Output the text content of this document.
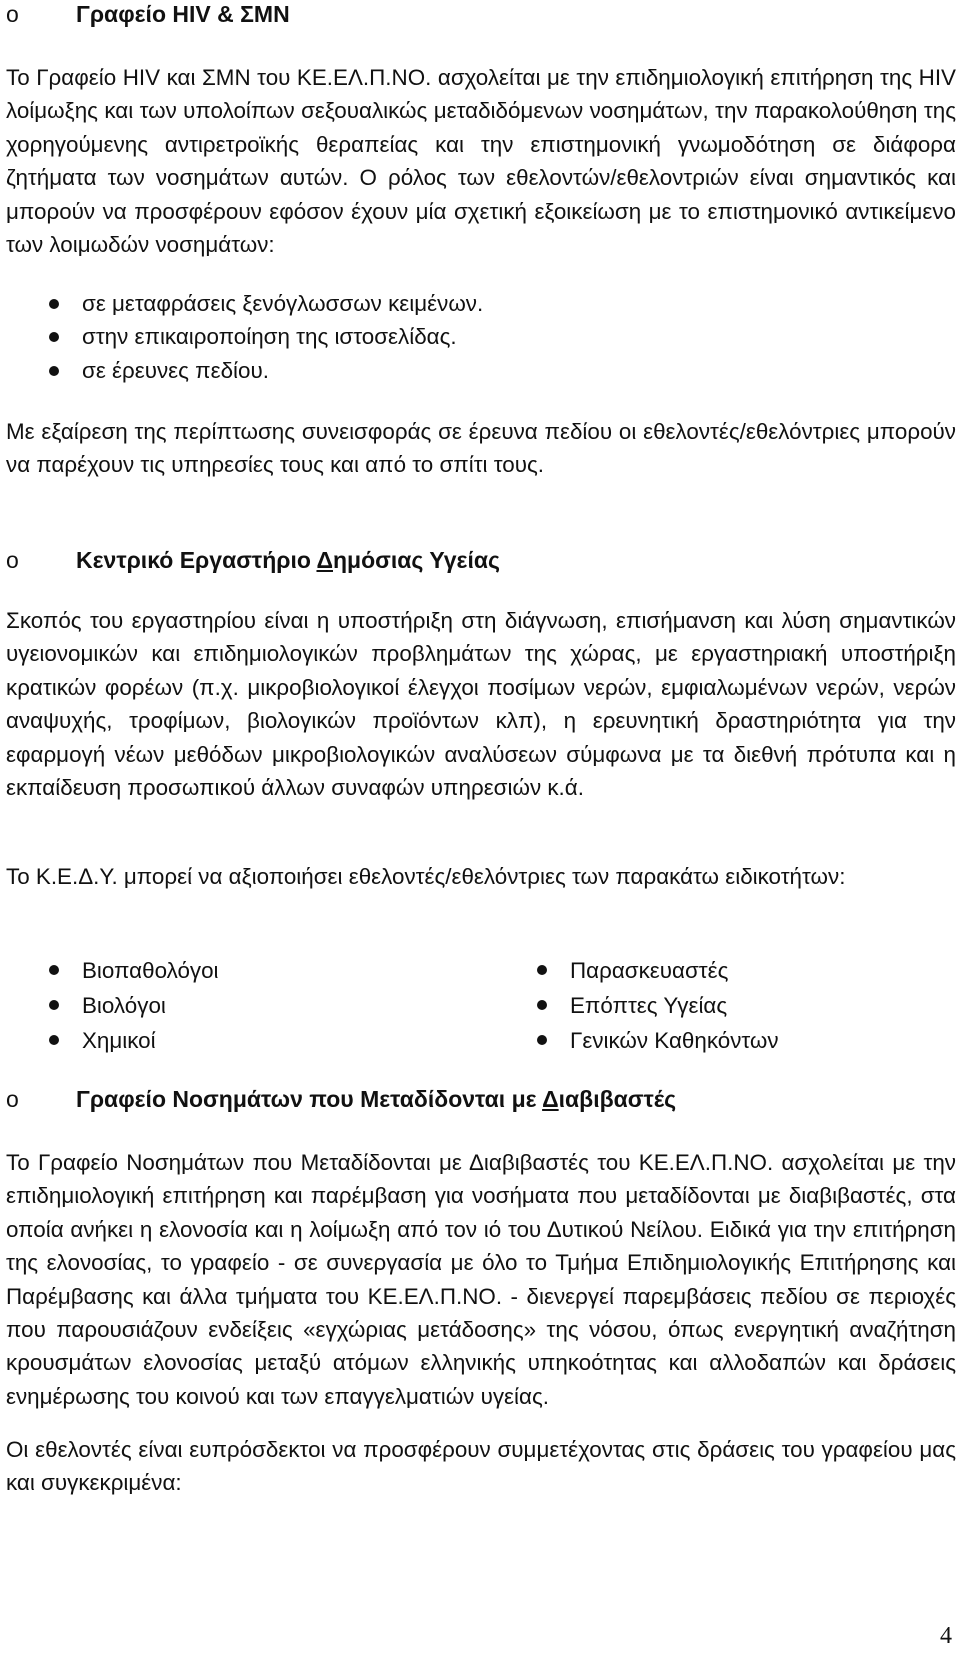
o Γραφείο HIV & ΣΜΝ

Το Γραφείο HIV και ΣΜΝ του ΚΕ.ΕΛ.Π.ΝΟ. ασχολείται με την επιδημιολογική επιτήρηση της HIV λοίμωξης και των υπολοίπων σεξουαλικώς μεταδιδόμενων νοσημάτων, την παρακολούθηση της χορηγούμενης αντιρετροϊκής θεραπείας και την επιστημονική γνωμοδότηση σε διάφορα ζητήματα των νοσημάτων αυτών. Ο ρόλος των εθελοντών/εθελοντριών είναι σημαντικός και μπορούν να προσφέρουν εφόσον έχουν μία σχετική εξοικείωση με το επιστημονικό αντικείμενο των λοιμωδών νοσημάτων:

σε μεταφράσεις ξενόγλωσσων κειμένων.
στην επικαιροποίηση της ιστοσελίδας.
σε έρευνες πεδίου.

Με εξαίρεση της περίπτωσης συνεισφοράς σε έρευνα πεδίου οι εθελοντές/εθελόντριες μπορούν να παρέχουν τις υπηρεσίες τους και από το σπίτι τους.

o Κεντρικό Εργαστήριο Δημόσιας Υγείας

Σκοπός του εργαστηρίου είναι η υποστήριξη στη διάγνωση, επισήμανση και λύση σημαντικών υγειονομικών και επιδημιολογικών προβλημάτων της χώρας, με εργαστηριακή υποστήριξη κρατικών φορέων (π.χ. μικροβιολογικοί έλεγχοι ποσίμων νερών, εμφιαλωμένων νερών, νερών αναψυχής, τροφίμων, βιολογικών προϊόντων κλπ), η ερευνητική δραστηριότητα για την εφαρμογή νέων μεθόδων μικροβιολογικών αναλύσεων σύμφωνα με τα διεθνή πρότυπα και η εκπαίδευση προσωπικού άλλων συναφών υπηρεσιών κ.ά.

Το Κ.Ε.Δ.Υ. μπορεί να αξιοποιήσει εθελοντές/εθελόντριες των παρακάτω ειδικοτήτων:

Βιοπαθολόγοι
Βιολόγοι
Χημικοί
Παρασκευαστές
Επόπτες Υγείας
Γενικών Καθηκόντων
o Γραφείο Νοσημάτων που Μεταδίδονται με Διαβιβαστές

Το Γραφείο Νοσημάτων που Μεταδίδονται με Διαβιβαστές του ΚΕ.ΕΛ.Π.ΝΟ. ασχολείται με την επιδημιολογική επιτήρηση και παρέμβαση για νοσήματα που μεταδίδονται με διαβιβαστές, στα οποία ανήκει η ελονοσία και η λοίμωξη από τον ιό του Δυτικού Νείλου. Ειδικά για την επιτήρηση της ελονοσίας, το γραφείο - σε συνεργασία με όλο το Τμήμα Επιδημιολογικής Επιτήρησης και Παρέμβασης και άλλα τμήματα του ΚΕ.ΕΛ.Π.ΝΟ. - διενεργεί παρεμβάσεις πεδίου σε περιοχές που παρουσιάζουν ενδείξεις «εγχώριας μετάδοσης» της νόσου, όπως ενεργητική αναζήτηση κρουσμάτων ελονοσίας μεταξύ ατόμων ελληνικής υπηκοότητας και αλλοδαπών και δράσεις ενημέρωσης του κοινού και των επαγγελματιών υγείας.

Οι εθελοντές είναι ευπρόσδεκτοι να προσφέρουν συμμετέχοντας στις δράσεις του γραφείου μας και συγκεκριμένα:

4
